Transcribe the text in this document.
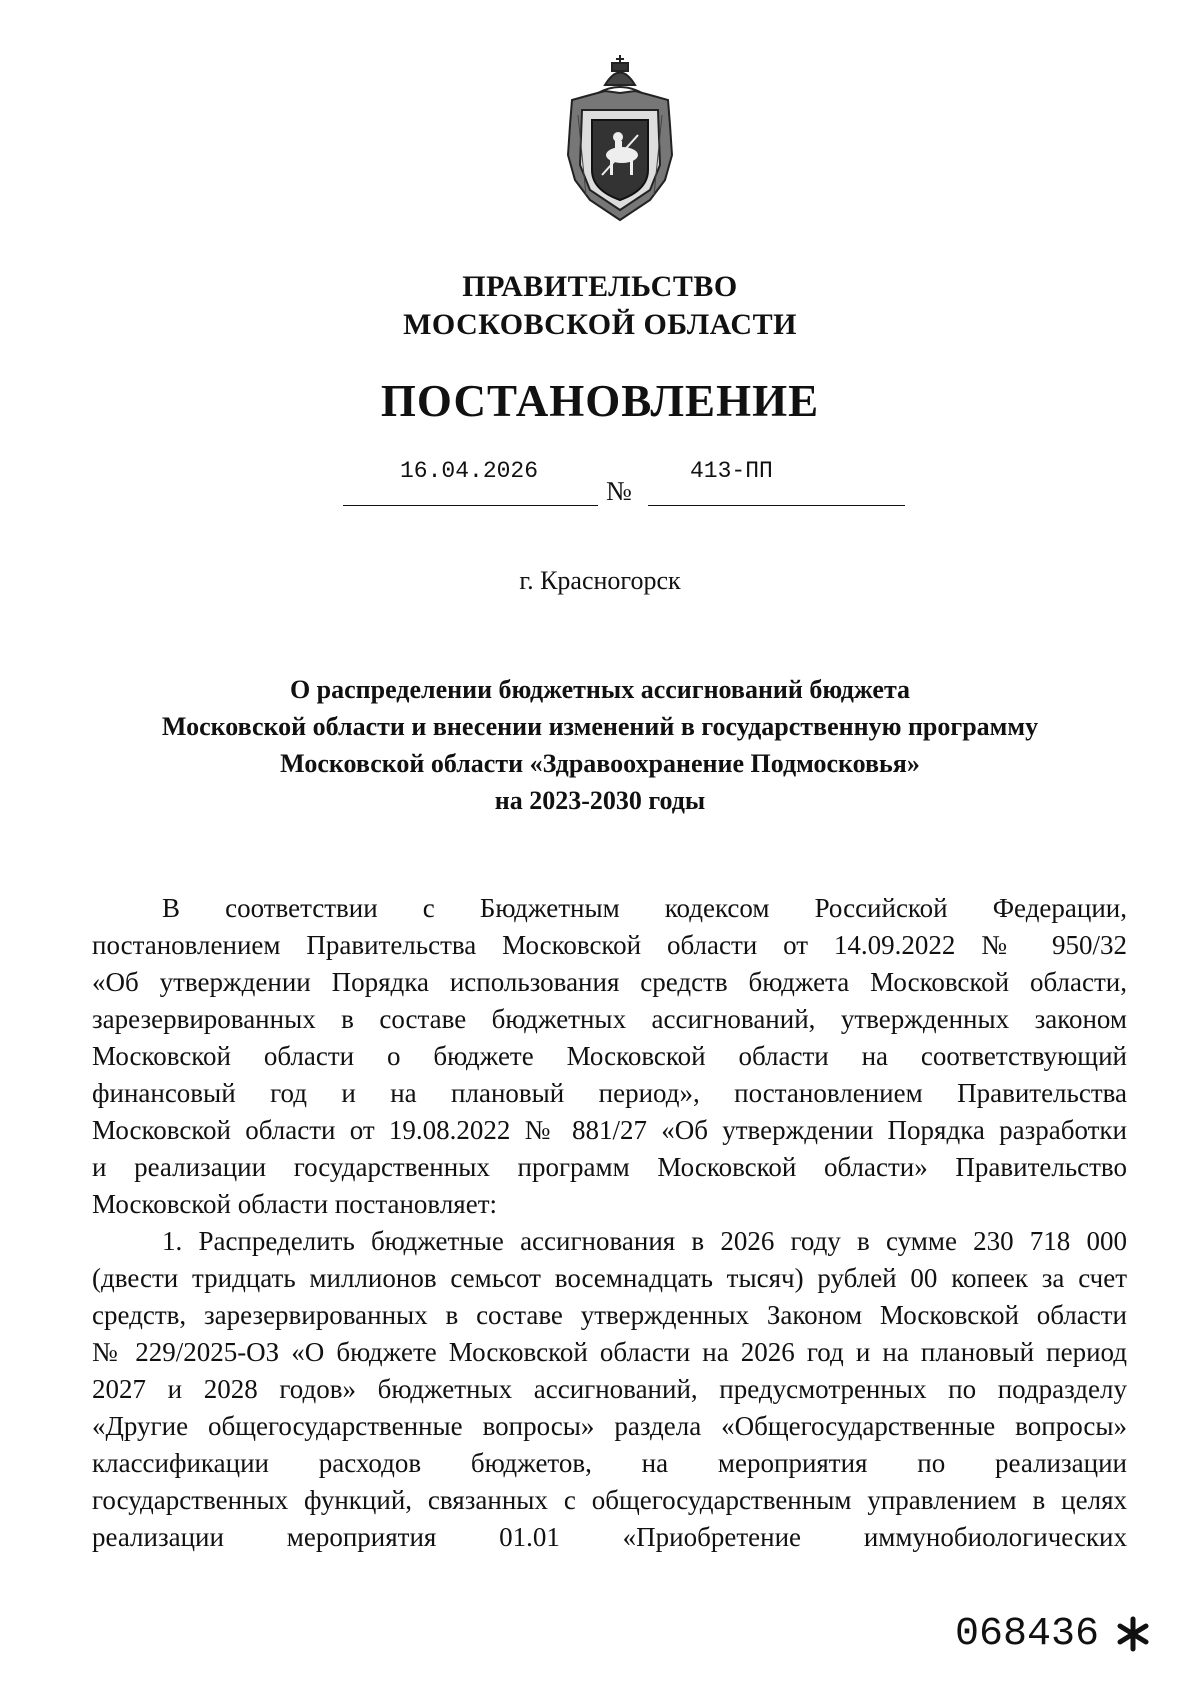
ПРАВИТЕЛЬСТВО
МОСКОВСКОЙ ОБЛАСТИ
ПОСТАНОВЛЕНИЕ
16.04.2026
№
413-ПП
г. Красногорск
О распределении бюджетных ассигнований бюджета
Московской области и внесении изменений в государственную программу
Московской области «Здравоохранение Подмосковья»
на 2023-2030 годы
В соответствии с Бюджетным кодексом Российской Федерации,
постановлением Правительства Московской области от 14.09.2022 № 950/32
«Об утверждении Порядка использования средств бюджета Московской области,
зарезервированных в составе бюджетных ассигнований, утвержденных законом
Московской области о бюджете Московской области на соответствующий
финансовый год и на плановый период», постановлением Правительства
Московской области от 19.08.2022 № 881/27 «Об утверждении Порядка разработки
и реализации государственных программ Московской области» Правительство
Московской области постановляет:
1. Распределить бюджетные ассигнования в 2026 году в сумме 230 718 000
(двести тридцать миллионов семьсот восемнадцать тысяч) рублей 00 копеек за счет
средств, зарезервированных в составе утвержденных Законом Московской области
№ 229/2025-ОЗ «О бюджете Московской области на 2026 год и на плановый период
2027 и 2028 годов» бюджетных ассигнований, предусмотренных по подразделу
«Другие общегосударственные вопросы» раздела «Общегосударственные вопросы»
классификации расходов бюджетов, на мероприятия по реализации
государственных функций, связанных с общегосударственным управлением в целях
реализации мероприятия 01.01 «Приобретение иммунобиологических
068436
